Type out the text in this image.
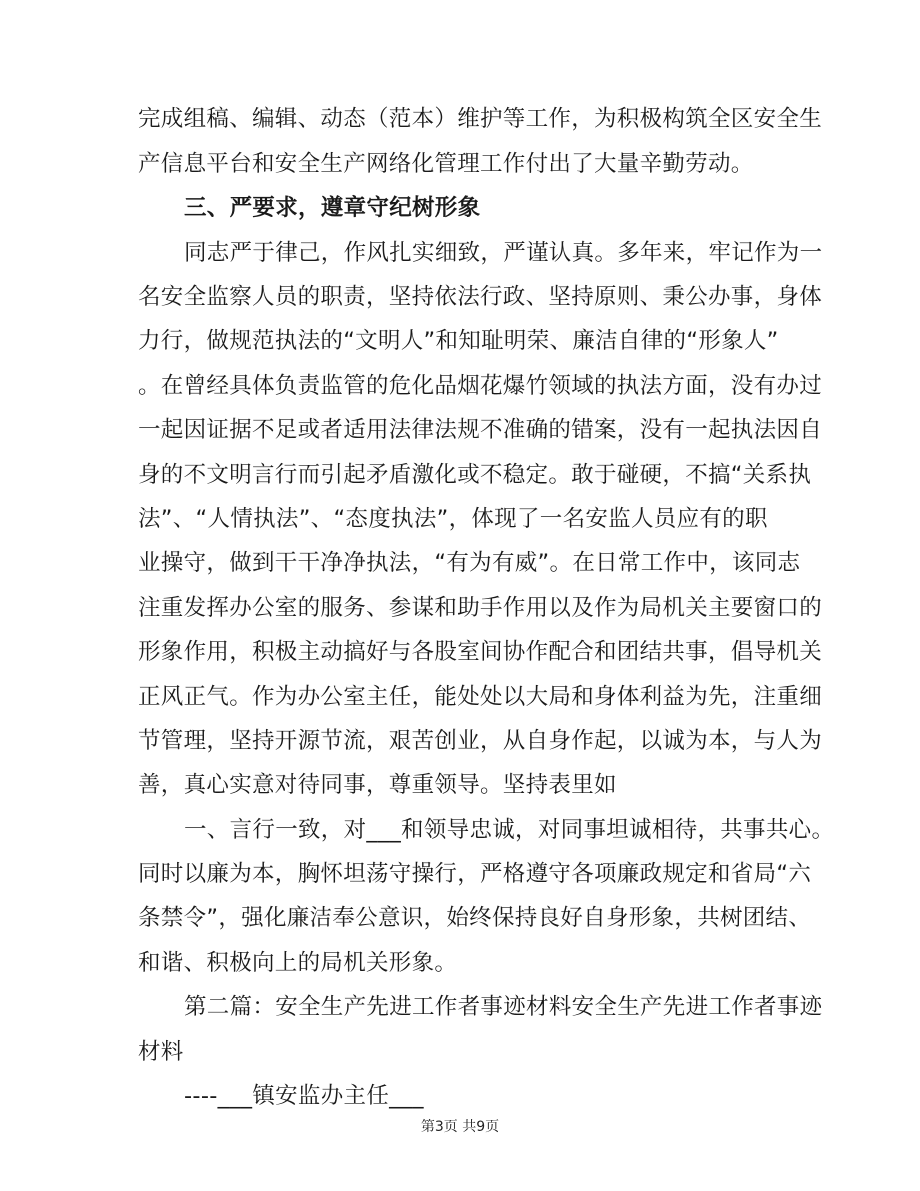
完成组稿、编辑、动态（范本）维护等工作，为积极构筑全区安全生
产信息平台和安全生产网络化管理工作付出了大量辛勤劳动。
三、严要求，遵章守纪树形象
同志严于律己，作风扎实细致，严谨认真。多年来，牢记作为一
名安全监察人员的职责，坚持依法行政、坚持原则、秉公办事，身体
力行，做规范执法的“文明人”和知耻明荣、廉洁自律的“形象人”
。在曾经具体负责监管的危化品烟花爆竹领域的执法方面，没有办过
一起因证据不足或者适用法律法规不准确的错案，没有一起执法因自
身的不文明言行而引起矛盾激化或不稳定。敢于碰硬，不搞“关系执
法”、“人情执法”、“态度执法”，体现了一名安监人员应有的职
业操守，做到干干净净执法，“有为有威”。在日常工作中，该同志
注重发挥办公室的服务、参谋和助手作用以及作为局机关主要窗口的
形象作用，积极主动搞好与各股室间协作配合和团结共事，倡导机关
正风正气。作为办公室主任，能处处以大局和身体利益为先，注重细
节管理，坚持开源节流，艰苦创业，从自身作起，以诚为本，与人为
善，真心实意对待同事，尊重领导。坚持表里如
一、言行一致，对___和领导忠诚，对同事坦诚相待，共事共心。
同时以廉为本，胸怀坦荡守操行，严格遵守各项廉政规定和省局“六
条禁令”，强化廉洁奉公意识，始终保持良好自身形象，共树团结、
和谐、积极向上的局机关形象。
第二篇：安全生产先进工作者事迹材料安全生产先进工作者事迹
材料
----___镇安监办主任___
第3页 共9页
